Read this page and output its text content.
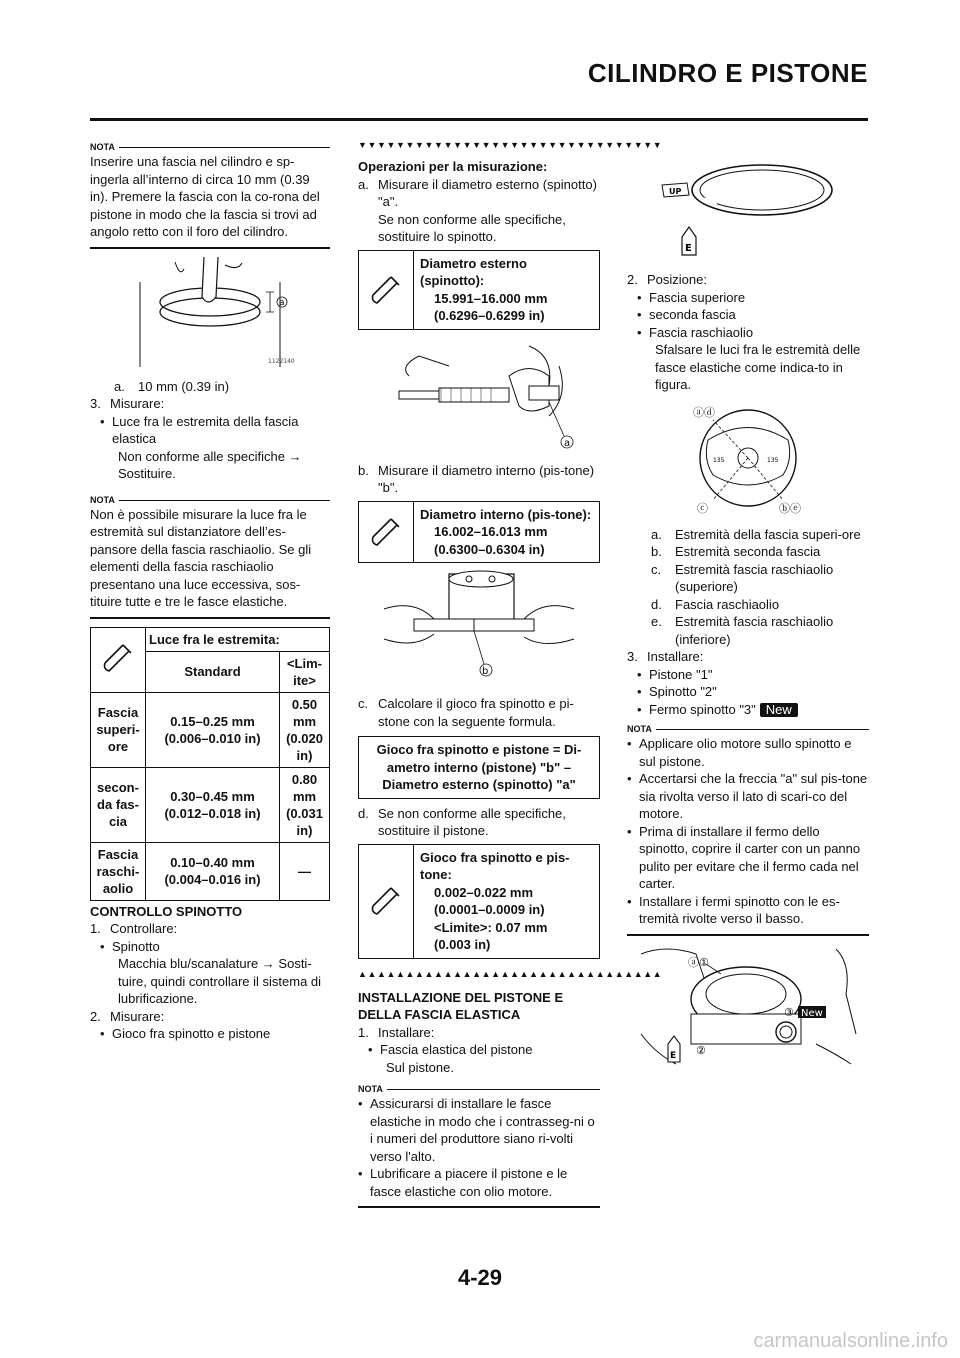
CILINDRO E PISTONE
NOTA

Inserire una fascia nel cilindro e sp-ingerla all’interno di circa 10 mm (0.39 in). Premere la fascia con la co-rona del pistone in modo che la fascia si trovi ad angolo retto con il foro del cilindro.

a
1122140
a.	10 mm (0.39 in)
3. Misurare:
• Luce fra le estremita della fascia elastica

Non conforme alle specifiche →

Sostituire.

NOTA

Non è possibile misurare la luce fra le estremità sul distanziatore dell’es-pansore della fascia raschiaolio. Se gli elementi della fascia raschiaolio presentano una luce eccessiva, sos-tituire tutte e tre le fasce elastiche.

	Luce fra le estremita:	
	Standard	<Lim-ite>
Fascia superi-ore	0.15–0.25 mm (0.006–0.010 in)	0.50 mm (0.020 in)
secon-da fas-cia	0.30–0.45 mm (0.012–0.018 in)	0.80 mm (0.031 in)
Fascia raschi-aolio	0.10–0.40 mm (0.004–0.016 in)	—

CONTROLLO SPINOTTO

1. Controllare:
• Spinotto

Macchia blu/scanalature → Sosti-tuire, quindi controllare il sistema di lubrificazione.

2. Misurare:
• Gioco fra spinotto e pistone
▼▼▼▼▼▼▼▼▼▼▼▼▼▼▼▼▼▼▼▼▼▼▼▼▼▼▼▼▼▼▼▼

Operazioni per la misurazione:

a. Misurare il diametro esterno (spinotto) "a".

Se non conforme alle specifiche, sostituire lo spinotto.

Diametro esterno (spinotto):
15.991–16.000 mm
(0.6296–0.6299 in)
a
b. Misurare il diametro interno (pis-tone) "b".
Diametro interno (pis-tone):
16.002–16.013 mm
(0.6300–0.6304 in)
b
c. Calcolare il gioco fra spinotto e pi-stone con la seguente formula.
Gioco fra spinotto e pistone = Di-ametro interno (pistone) "b" – Diametro esterno (spinotto) "a"
d. Se non conforme alle specifiche, sostituire il pistone.
Gioco fra spinotto e pis-tone:
0.002–0.022 mm
(0.0001–0.0009 in)
<Limite>: 0.07 mm
(0.003 in)
▲▲▲▲▲▲▲▲▲▲▲▲▲▲▲▲▲▲▲▲▲▲▲▲▲▲▲▲▲▲▲▲

INSTALLAZIONE DEL PISTONE E DELLA FASCIA ELASTICA

1. Installare:
• Fascia elastica del pistone

Sul pistone.

NOTA
• Assicurarsi di installare le fasce elastiche in modo che i contrasseg-ni o i numeri del produttore siano ri-volti verso l'alto.
• Lubrificare a piacere il pistone e le fasce elastiche con olio motore.
UP
E
2. Posizione:
• Fascia superiore
• seconda fascia
• Fascia raschiaolio

Sfalsare le luci fra le estremità delle fasce elastiche come indica-to in figura.

135	135
ⓐⓓ
ⓒ	ⓑⓔ
a.	Estremità della fascia superi-ore
b.	Estremità seconda fascia
c.	Estremità fascia raschiaolio (superiore)
d.	Fascia raschiaolio
e.	Estremità fascia raschiaolio (inferiore)
3. Installare:
• Pistone "1"
• Spinotto "2"
• Fermo spinotto "3" New
NOTA
• Applicare olio motore sullo spinotto e sul pistone.
• Accertarsi che la freccia "a" sul pis-tone sia rivolta verso il lato di scari-co del motore.
• Prima di installare il fermo dello spinotto, coprire il carter con un panno pulito per evitare che il fermo cada nel carter.
• Installare i fermi spinotto con le es-tremità rivolte verso il basso.
ⓐ①
③ New
②
E
4-29
carmanualsonline.info
